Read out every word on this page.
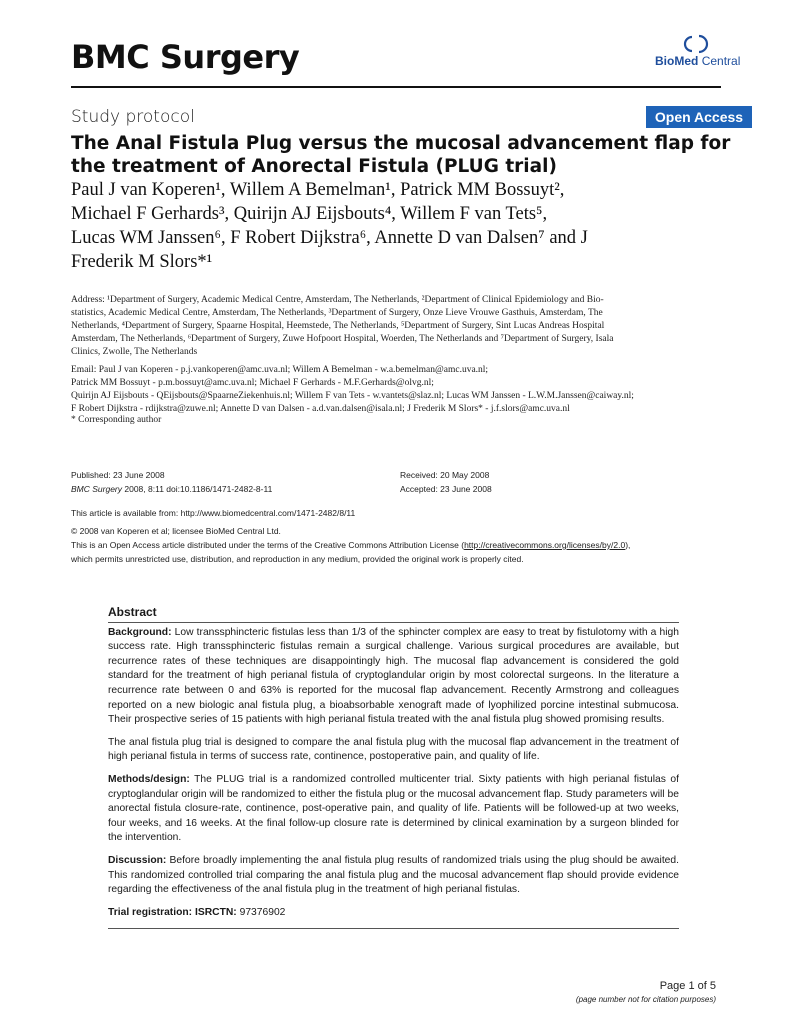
BMC Surgery	BioMed Central
Study protocol	Open Access
The Anal Fistula Plug versus the mucosal advancement flap for the treatment of Anorectal Fistula (PLUG trial)
Paul J van Koperen¹, Willem A Bemelman¹, Patrick MM Bossuyt²,
Michael F Gerhards³, Quirijn AJ Eijsbouts⁴, Willem F van Tets⁵,
Lucas WM Janssen⁶, F Robert Dijkstra⁶, Annette D van Dalsen⁷ and J
Frederik M Slors*¹
Address: ¹Department of Surgery, Academic Medical Centre, Amsterdam, The Netherlands, ²Department of Clinical Epidemiology and Bio-
statistics, Academic Medical Centre, Amsterdam, The Netherlands, ³Department of Surgery, Onze Lieve Vrouwe Gasthuis, Amsterdam, The
Netherlands, ⁴Department of Surgery, Spaarne Hospital, Heemstede, The Netherlands, ⁵Department of Surgery, Sint Lucas Andreas Hospital
Amsterdam, The Netherlands, ⁶Department of Surgery, Zuwe Hofpoort Hospital, Woerden, The Netherlands and ⁷Department of Surgery, Isala
Clinics, Zwolle, The Netherlands
Email: Paul J van Koperen - p.j.vankoperen@amc.uva.nl; Willem A Bemelman - w.a.bemelman@amc.uva.nl;
Patrick MM Bossuyt - p.m.bossuyt@amc.uva.nl; Michael F Gerhards - M.F.Gerhards@olvg.nl;
Quirijn AJ Eijsbouts - QEijsbouts@SpaarneZiekenhuis.nl; Willem F van Tets - w.vantets@slaz.nl; Lucas WM Janssen - L.W.M.Janssen@caiway.nl;
F Robert Dijkstra - rdijkstra@zuwe.nl; Annette D van Dalsen - a.d.van.dalsen@isala.nl; J Frederik M Slors* - j.f.slors@amc.uva.nl
* Corresponding author
Published: 23 June 2008
BMC Surgery 2008, 8:11 doi:10.1186/1471-2482-8-11
Received: 20 May 2008
Accepted: 23 June 2008
This article is available from: http://www.biomedcentral.com/1471-2482/8/11
© 2008 van Koperen et al; licensee BioMed Central Ltd.
This is an Open Access article distributed under the terms of the Creative Commons Attribution License (http://creativecommons.org/licenses/by/2.0),
which permits unrestricted use, distribution, and reproduction in any medium, provided the original work is properly cited.
Abstract

Background: Low transsphincteric fistulas less than 1/3 of the sphincter complex are easy to treat by fistulotomy with a high success rate. High transsphincteric fistulas remain a surgical challenge. Various surgical procedures are available, but recurrence rates of these techniques are disappointingly high. The mucosal flap advancement is considered the gold standard for the treatment of high perianal fistula of cryptoglandular origin by most colorectal surgeons. In the literature a recurrence rate between 0 and 63% is reported for the mucosal flap advancement. Recently Armstrong and colleagues reported on a new biologic anal fistula plug, a bioabsorbable xenograft made of lyophilized porcine intestinal submucosa. Their prospective series of 15 patients with high perianal fistula treated with the anal fistula plug showed promising results.

The anal fistula plug trial is designed to compare the anal fistula plug with the mucosal flap advancement in the treatment of high perianal fistula in terms of success rate, continence, postoperative pain, and quality of life.

Methods/design: The PLUG trial is a randomized controlled multicenter trial. Sixty patients with high perianal fistulas of cryptoglandular origin will be randomized to either the fistula plug or the mucosal advancement flap. Study parameters will be anorectal fistula closure-rate, continence, post-operative pain, and quality of life. Patients will be followed-up at two weeks, four weeks, and 16 weeks. At the final follow-up closure rate is determined by clinical examination by a surgeon blinded for the intervention.

Discussion: Before broadly implementing the anal fistula plug results of randomized trials using the plug should be awaited. This randomized controlled trial comparing the anal fistula plug and the mucosal advancement flap should provide evidence regarding the effectiveness of the anal fistula plug in the treatment of high perianal fistulas.

Trial registration: ISRCTN: 97376902

Page 1 of 5
(page number not for citation purposes)
